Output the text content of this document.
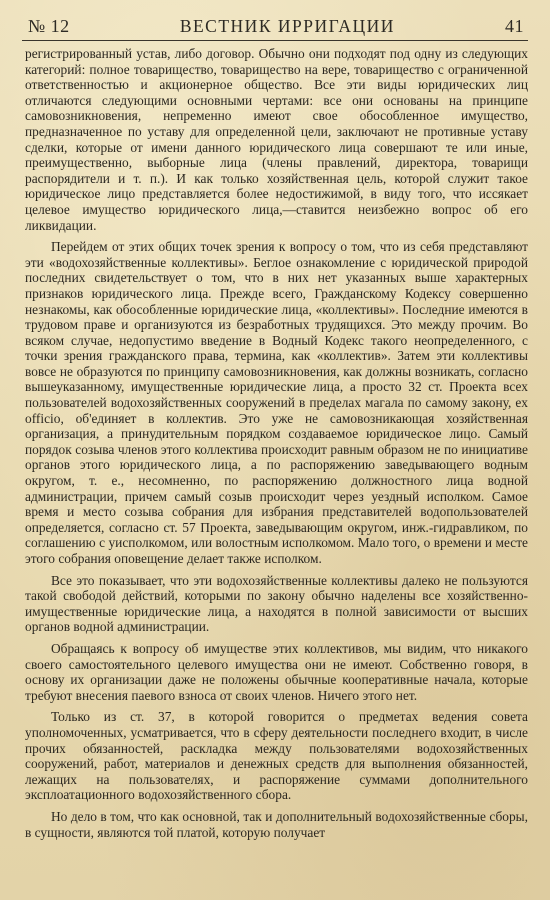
№ 12	ВЕСТНИК ИРРИГАЦИИ	41

регистрированный устав, либо договор. Обычно они подходят под одну из следующих категорий: полное товарищество, товарищество на вере, товарищество с ограниченной ответственностью и акционерное общество. Все эти виды юридических лиц отличаются следующими основными чертами: все они основаны на принципе самовозникновения, непременно имеют свое обособленное имущество, предназначенное по уставу для определенной цели, заключают не противные уставу сделки, которые от имени данного юридического лица совершают те или иные, преимущественно, выборные лица (члены правлений, директора, товарищи распорядители и т. п.). И как только хозяйственная цель, которой служит такое юридическое лицо представляется более недостижимой, в виду того, что иссякает целевое имущество юридического лица,—ставится неизбежно вопрос об его ликвидации.

Перейдем от этих общих точек зрения к вопросу о том, что из себя представляют эти «водохозяйственные коллективы». Беглое ознакомление с юридической природой последних свидетельствует о том, что в них нет указанных выше характерных признаков юридического лица. Прежде всего, Гражданскому Кодексу совершенно незнакомы, как обособленные юридические лица, «коллективы». Последние имеются в трудовом праве и организуются из безработных трудящихся. Это между прочим. Во всяком случае, недопустимо введение в Водный Кодекс такого неопределенного, с точки зрения гражданского права, термина, как «коллектив». Затем эти коллективы вовсе не образуются по принципу самовозникновения, как должны возникать, согласно вышеуказанному, имущественные юридические лица, а просто 32 ст. Проекта всех пользователей водохозяйственных сооружений в пределах магала по самому закону, ex officio, об'единяет в коллектив. Это уже не самовозникающая хозяйственная организация, а принудительным порядком создаваемое юридическое лицо. Самый порядок созыва членов этого коллектива происходит равным образом не по инициативе органов этого юридического лица, а по распоряжению заведывающего водным округом, т. е., несомненно, по распоряжению должностного лица водной администрации, причем самый созыв происходит через уездный исполком. Самое время и место созыва собрания для избрания представителей водопользователей определяется, согласно ст. 57 Проекта, заведывающим округом, инж.-гидравликом, по соглашению с уисполкомом, или волостным исполкомом. Мало того, о времени и месте этого собрания оповещение делает также исполком.

Все это показывает, что эти водохозяйственные коллективы далеко не пользуются такой свободой действий, которыми по закону обычно наделены все хозяйственно-имущественные юридические лица, а находятся в полной зависимости от высших органов водной администрации.

Обращаясь к вопросу об имуществе этих коллективов, мы видим, что никакого своего самостоятельного целевого имущества они не имеют. Собственно говоря, в основу их организации даже не положены обычные кооперативные начала, которые требуют внесения паевого взноса от своих членов. Ничего этого нет.

Только из ст. 37, в которой говорится о предметах ведения совета уполномоченных, усматривается, что в сферу деятельности последнего входит, в числе прочих обязанностей, раскладка между пользователями водохозяйственных сооружений, работ, материалов и денежных средств для выполнения обязанностей, лежащих на пользователях, и распоряжение суммами дополнительного эксплоатационного водохозяйственного сбора.

Но дело в том, что как основной, так и дополнительный водохозяйственные сборы, в сущности, являются той платой, которую получает
